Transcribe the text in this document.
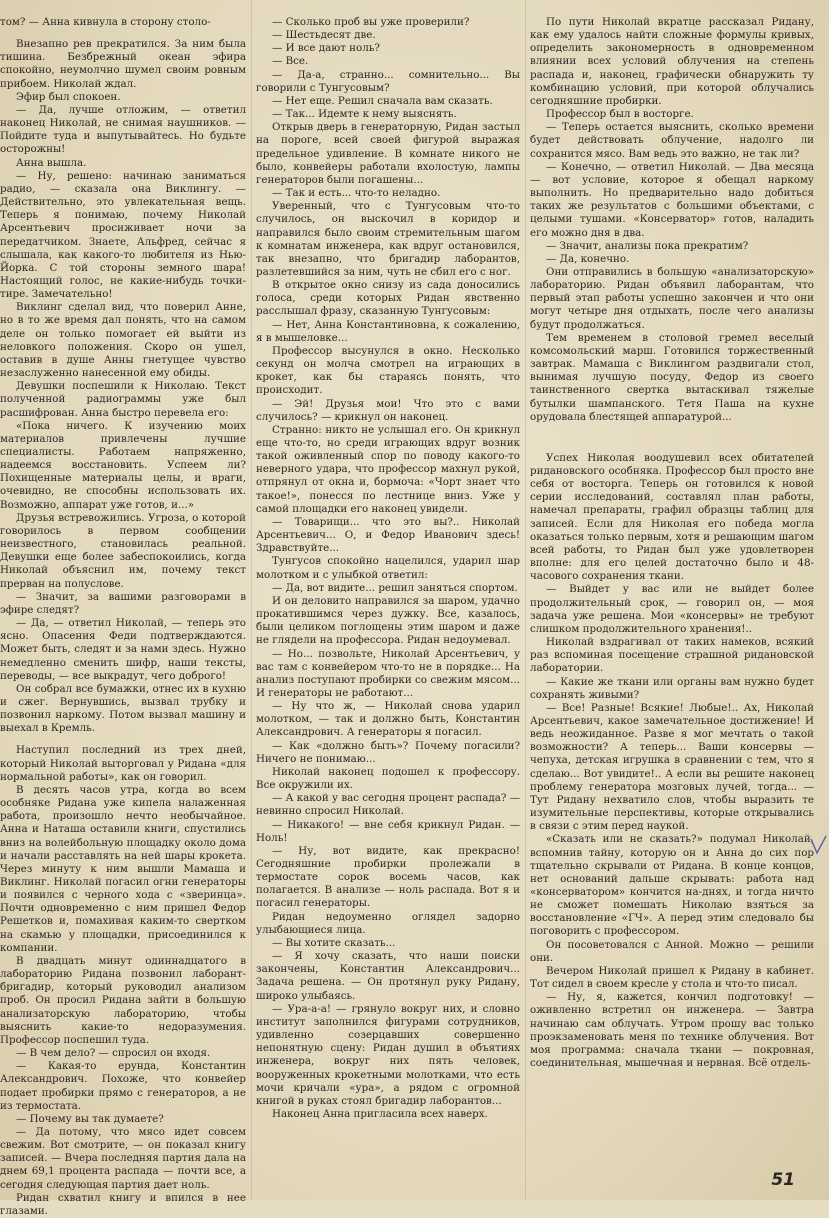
том? — Анна кивнула в сторону столо-

Внезапно рев прекратился. За ним была тишина. Безбрежный океан эфира спокойно, неумолчно шумел своим ровным прибоем. Николай ждал.

Эфир был спокоен.

— Да, лучше отложим, — ответил наконец Николай, не снимая наушников. — Пойдите туда и выпутывайтесь. Но будьте осторожны!

Анна вышла.

— Ну, решено: начинаю заниматься радио, — сказала она Виклингу. — Действительно, это увлекательная вещь. Теперь я понимаю, почему Николай Арсентьевич просиживает ночи за передатчиком. Знаете, Альфред, сейчас я слышала, как какого-то любителя из Нью-Йорка. С той стороны земного шара! Настоящий голос, не какие-нибудь точки-тире. Замечательно!

Виклинг сделал вид, что поверил Анне, но в то же время дал понять, что на самом деле он только помогает ей выйти из неловкого положения. Скоро он ушел, оставив в душе Анны гнетущее чувство незаслуженно нанесенной ему обиды.

Девушки поспешили к Николаю. Текст полученной радиограммы уже был расшифрован. Анна быстро перевела его:

«Пока ничего. К изучению моих материалов привлечены лучшие специалисты. Работаем напряженно, надеемся восстановить. Успеем ли? Похищенные материалы целы, и враги, очевидно, не способны использовать их. Возможно, аппарат уже готов, и...»

Друзья встревожились. Угроза, о которой говорилось в первом сообщении неизвестного, становилась реальной. Девушки еще более забеспокоились, когда Николай объяснил им, почему текст прерван на полуслове.

— Значит, за вашими разговорами в эфире следят?

— Да, — ответил Николай, — теперь это ясно. Опасения Феди подтверждаются. Может быть, следят и за нами здесь. Нужно немедленно сменить шифр, наши тексты, переводы, — все выкрадут, чего доброго!

Он собрал все бумажки, отнес их в кухню и сжег. Вернувшись, вызвал трубку и позвонил наркому. Потом вызвал машину и выехал в Кремль.

Наступил последний из трех дней, который Николай выторговал у Ридана «для нормальной работы», как он говорил.

В десять часов утра, когда во всем особняке Ридана уже кипела налаженная работа, произошло нечто необычайное. Анна и Наташа оставили книги, спустились вниз на волейбольную площадку около дома и начали расставлять на ней шары крокета. Через минуту к ним вышли Мамаша и Виклинг. Николай погасил огни генераторы и появился с черного хода с «зверинца». Почти одновременно с ним пришел Федор Решетков и, помахивая каким-то свертком на скамью у площадки, присоединился к компании.

В двадцать минут одиннадцатого в лабораторию Ридана позвонил лаборант-бригадир, который руководил анализом проб. Он просил Ридана зайти в большую анализаторскую лабораторию, чтобы выяснить какие-то недоразумения. Профессор поспешил туда.

— В чем дело? — спросил он входя.

— Какая-то ерунда, Константин Александрович. Похоже, что конвейер подает пробирки прямо с генераторов, а не из термостата.

— Почему вы так думаете?

— Да потому, что мясо идет совсем свежим. Вот смотрите, — он показал книгу записей. — Вчера последняя партия дала на днем 69,1 процента распада — почти все, а сегодня следующая партия дает ноль.

Ридан схватил книгу и впился в нее глазами.

— Сколько проб вы уже проверили?

— Шестьдесят две.

— И все дают ноль?

— Все.

— Да-а, странно... сомнительно... Вы говорили с Тунгусовым?

— Нет еще. Решил сначала вам сказать.

— Так... Идемте к нему выяснять.

Открыв дверь в генераторную, Ридан застыл на пороге, всей своей фигурой выражая предельное удивление. В комнате никого не было, конвейеры работали вхолостую, лампы генераторов были погашены...

— Так и есть... что-то неладно.

Уверенный, что с Тунгусовым что-то случилось, он выскочил в коридор и направился было своим стремительным шагом к комнатам инженера, как вдруг остановился, так внезапно, что бригадир лаборантов, разлетевшийся за ним, чуть не сбил его с ног.

В открытое окно снизу из сада доносились голоса, среди которых Ридан явственно расслышал фразу, сказанную Тунгусовым:

— Нет, Анна Константиновна, к сожалению, я в мышеловке...

Профессор высунулся в окно. Несколько секунд он молча смотрел на играющих в крокет, как бы стараясь понять, что происходит.

— Эй! Друзья мои! Что это с вами случилось? — крикнул он наконец.

Странно: никто не услышал его. Он крикнул еще что-то, но среди играющих вдруг возник такой оживленный спор по поводу какого-то неверного удара, что профессор махнул рукой, отпрянул от окна и, бормоча: «Чорт знает что такое!», понесся по лестнице вниз. Уже у самой площадки его наконец увидели.

— Товарищи... что это вы?.. Николай Арсентьевич... О, и Федор Иванович здесь! Здравствуйте...

Тунгусов спокойно нацелился, ударил шар молотком и с улыбкой ответил:

— Да, вот видите... решил заняться спортом.

И он деловито направился за шаром, удачно прокатившимся через дужку. Все, казалось, были целиком поглощены этим шаром и даже не глядели на профессора. Ридан недоумевал.

— Но... позвольте, Николай Арсентьевич, у вас там с конвейером что-то не в порядке... На анализ поступают пробирки со свежим мясом... И генераторы не работают...

— Ну что ж, — Николай снова ударил молотком, — так и должно быть, Константин Александрович. А генераторы я погасил.

— Как «должно быть»? Почему погасили? Ничего не понимаю...

Николай наконец подошел к профессору. Все окружили их.

— А какой у вас сегодня процент распада? — невинно спросил Николай.

— Никакого! — вне себя крикнул Ридан. — Ноль!

— Ну, вот видите, как прекрасно! Сегодняшние пробирки пролежали в термостате сорок восемь часов, как полагается. В анализе — ноль распада. Вот я и погасил генераторы.

Ридан недоуменно оглядел задорно улыбающиеся лица.

— Вы хотите сказать...

— Я хочу сказать, что наши поиски закончены, Константин Александрович... Задача решена. — Он протянул руку Ридану, широко улыбаясь.

— Ура-а-а! — грянуло вокруг них, и словно институт заполнился фигурами сотрудников, удивленно созерцавших совершенно непонятную сцену: Ридан душил в объятиях инженера, вокруг них пять человек, вооруженных крокетными молотками, что есть мочи кричали «ура», а рядом с огромной книгой в руках стоял бригадир лаборантов...

Наконец Анна пригласила всех наверх.

По пути Николай вкратце рассказал Ридану, как ему удалось найти сложные формулы кривых, определить закономерность в одновременном влиянии всех условий облучения на степень распада и, наконец, графически обнаружить ту комбинацию условий, при которой облучались сегодняшние пробирки.

Профессор был в восторге.

— Теперь остается выяснить, сколько времени будет действовать облучение, надолго ли сохранится мясо. Вам ведь это важно, не так ли?

— Конечно, — ответил Николай. — Два месяца — вот условие, которое я обещал наркому выполнить. Но предварительно надо добиться таких же результатов с большими объектами, с целыми тушами. «Консерватор» готов, наладить его можно дня в два.

— Значит, анализы пока прекратим?

— Да, конечно.

Они отправились в большую «анализаторскую» лабораторию. Ридан объявил лаборантам, что первый этап работы успешно закончен и что они могут четыре дня отдыхать, после чего анализы будут продолжаться.

Тем временем в столовой гремел веселый комсомольский марш. Готовился торжественный завтрак. Мамаша с Виклингом раздвигали стол, вынимая лучшую посуду, Федор из своего таинственного свертка вытаскивал тяжелые бутылки шампанского. Тетя Паша на кухне орудовала блестящей аппаратурой...

Успех Николая воодушевил всех обитателей ридановского особняка. Профессор был просто вне себя от восторга. Теперь он готовился к новой серии исследований, составлял план работы, намечал препараты, графил образцы таблиц для записей. Если для Николая его победа могла оказаться только первым, хотя и решающим шагом всей работы, то Ридан был уже удовлетворен вполне: для его целей достаточно было и 48-часового сохранения ткани.

— Выйдет у вас или не выйдет более продолжительный срок, — говорил он, — моя задача уже решена. Мои «консервы» не требуют слишком продолжительного хранения!..

Николай вздрагивал от таких намеков, всякий раз вспоминая посещение страшной ридановской лаборатории.

— Какие же ткани или органы вам нужно будет сохранять живыми?

— Все! Разные! Всякие! Любые!.. Ах, Николай Арсентьевич, какое замечательное достижение! И ведь неожиданное. Разве я мог мечтать о такой возможности? А теперь... Ваши консервы — чепуха, детская игрушка в сравнении с тем, что я сделаю... Вот увидите!.. А если вы решите наконец проблему генератора мозговых лучей, тогда... — Тут Ридану нехватило слов, чтобы выразить те изумительные перспективы, которые открывались в связи с этим перед наукой.

«Сказать или не сказать?» подумал Николай, вспомнив тайну, которую он и Анна до сих пор тщательно скрывали от Ридана. В конце концов, нет оснований дальше скрывать: работа над «консерватором» кончится на-днях, и тогда ничто не сможет помешать Николаю взяться за восстановление «ГЧ». А перед этим следовало бы поговорить с профессором.

Он посоветовался с Анной. Можно — решили они.

Вечером Николай пришел к Ридану в кабинет. Тот сидел в своем кресле у стола и что-то писал.

— Ну, я, кажется, кончил подготовку! — оживленно встретил он инженера. — Завтра начинаю сам облучать. Утром прошу вас только проэкзаменовать меня по технике облучения. Вот моя программа: сначала ткани — покровная, соединительная, мышечная и нервная. Всё отдель-

51
